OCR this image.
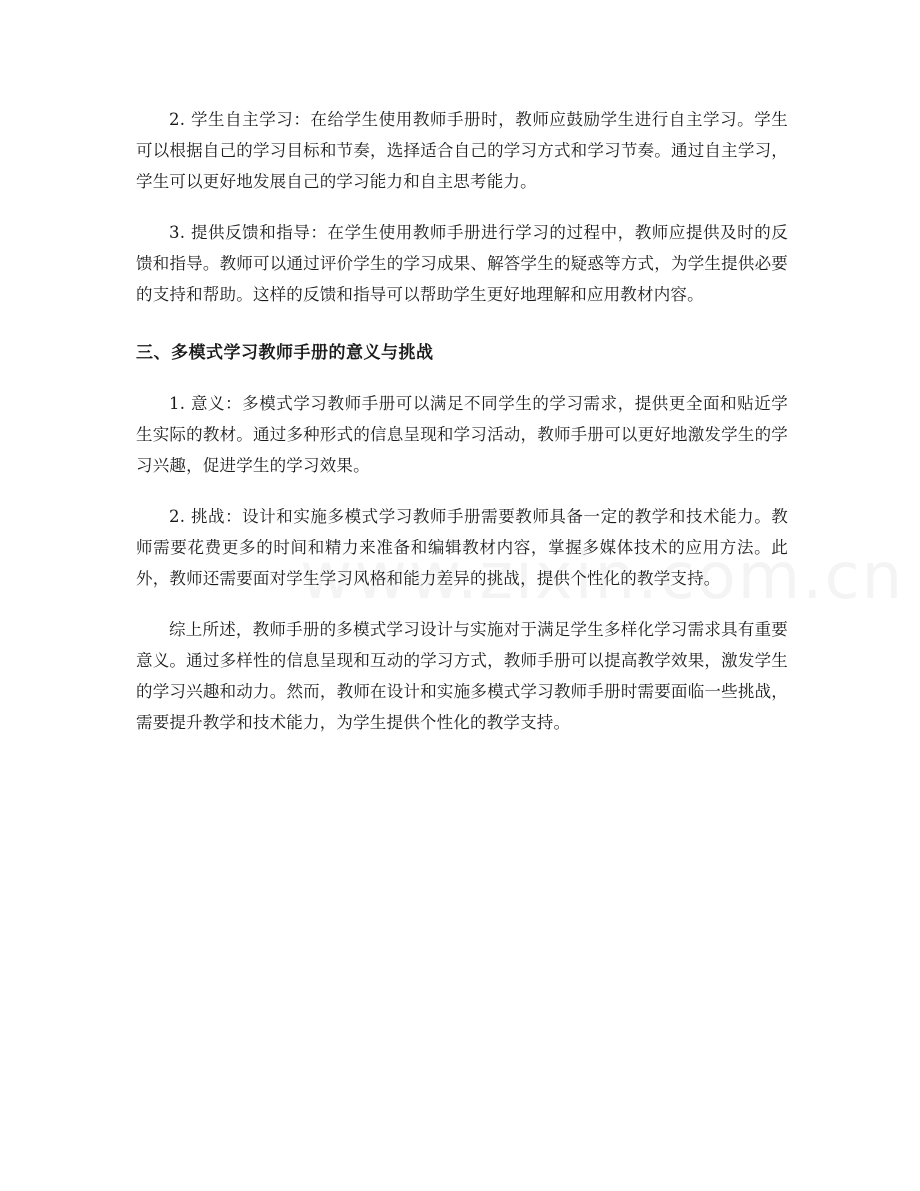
2. 学生自主学习：在给学生使用教师手册时，教师应鼓励学生进行自主学习。学生可以根据自己的学习目标和节奏，选择适合自己的学习方式和学习节奏。通过自主学习，学生可以更好地发展自己的学习能力和自主思考能力。

3. 提供反馈和指导：在学生使用教师手册进行学习的过程中，教师应提供及时的反馈和指导。教师可以通过评价学生的学习成果、解答学生的疑惑等方式，为学生提供必要的支持和帮助。这样的反馈和指导可以帮助学生更好地理解和应用教材内容。

三、多模式学习教师手册的意义与挑战

1. 意义：多模式学习教师手册可以满足不同学生的学习需求，提供更全面和贴近学生实际的教材。通过多种形式的信息呈现和学习活动，教师手册可以更好地激发学生的学习兴趣，促进学生的学习效果。

2. 挑战：设计和实施多模式学习教师手册需要教师具备一定的教学和技术能力。教师需要花费更多的时间和精力来准备和编辑教材内容，掌握多媒体技术的应用方法。此外，教师还需要面对学生学习风格和能力差异的挑战，提供个性化的教学支持。

综上所述，教师手册的多模式学习设计与实施对于满足学生多样化学习需求具有重要意义。通过多样性的信息呈现和互动的学习方式，教师手册可以提高教学效果，激发学生的学习兴趣和动力。然而，教师在设计和实施多模式学习教师手册时需要面临一些挑战，需要提升教学和技术能力，为学生提供个性化的教学支持。
